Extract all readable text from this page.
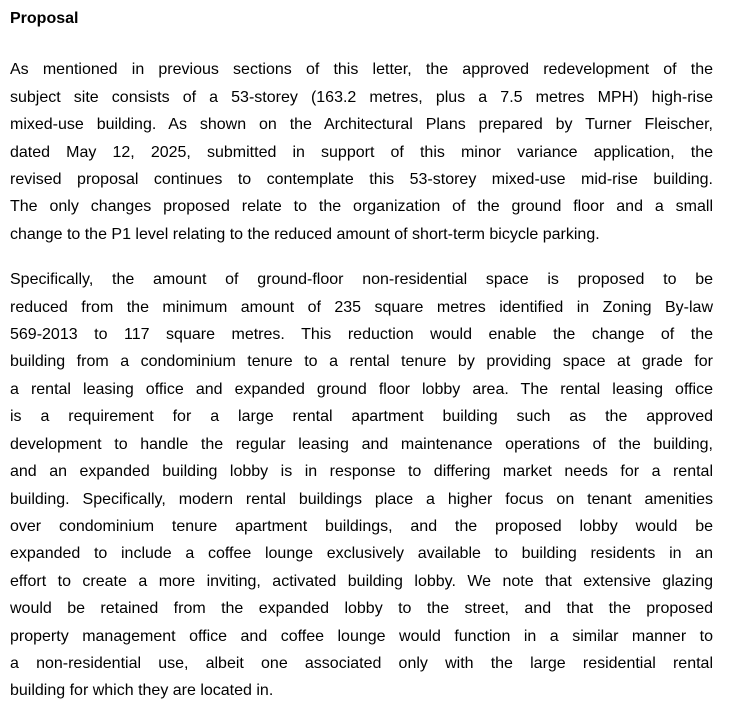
Proposal
As mentioned in previous sections of this letter, the approved redevelopment of the
subject site consists of a 53-storey (163.2 metres, plus a 7.5 metres MPH) high-rise
mixed-use building. As shown on the Architectural Plans prepared by Turner Fleischer,
dated May 12, 2025, submitted in support of this minor variance application, the
revised proposal continues to contemplate this 53-storey mixed-use mid-rise building.
The only changes proposed relate to the organization of the ground floor and a small
change to the P1 level relating to the reduced amount of short-term bicycle parking.
Specifically, the amount of ground-floor non-residential space is proposed to be
reduced from the minimum amount of 235 square metres identified in Zoning By-law
569-2013 to 117 square metres. This reduction would enable the change of the
building from a condominium tenure to a rental tenure by providing space at grade for
a rental leasing office and expanded ground floor lobby area. The rental leasing office
is a requirement for a large rental apartment building such as the approved
development to handle the regular leasing and maintenance operations of the building,
and an expanded building lobby is in response to differing market needs for a rental
building. Specifically, modern rental buildings place a higher focus on tenant amenities
over condominium tenure apartment buildings, and the proposed lobby would be
expanded to include a coffee lounge exclusively available to building residents in an
effort to create a more inviting, activated building lobby. We note that extensive glazing
would be retained from the expanded lobby to the street, and that the proposed
property management office and coffee lounge would function in a similar manner to
a non-residential use, albeit one associated only with the large residential rental
building for which they are located in.
